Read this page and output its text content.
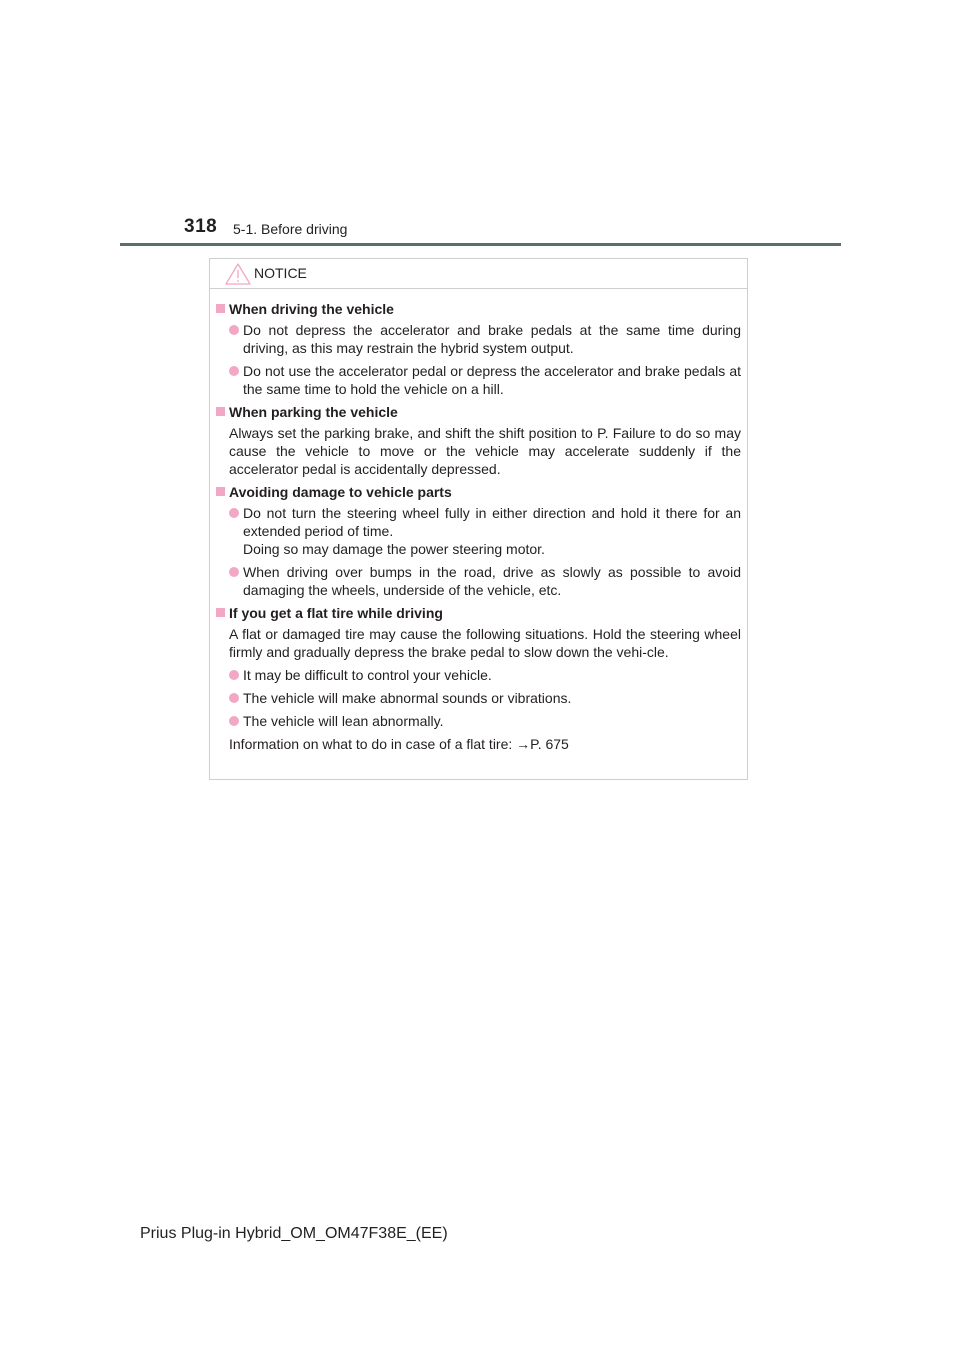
318 5-1. Before driving
NOTICE
When driving the vehicle
Do not depress the accelerator and brake pedals at the same time during driving, as this may restrain the hybrid system output.
Do not use the accelerator pedal or depress the accelerator and brake pedals at the same time to hold the vehicle on a hill.
When parking the vehicle
Always set the parking brake, and shift the shift position to P. Failure to do so may cause the vehicle to move or the vehicle may accelerate suddenly if the accelerator pedal is accidentally depressed.
Avoiding damage to vehicle parts
Do not turn the steering wheel fully in either direction and hold it there for an extended period of time.
Doing so may damage the power steering motor.
When driving over bumps in the road, drive as slowly as possible to avoid damaging the wheels, underside of the vehicle, etc.
If you get a flat tire while driving
A flat or damaged tire may cause the following situations. Hold the steering wheel firmly and gradually depress the brake pedal to slow down the vehi-cle.
It may be difficult to control your vehicle.
The vehicle will make abnormal sounds or vibrations.
The vehicle will lean abnormally.
Information on what to do in case of a flat tire: →P. 675
Prius Plug-in Hybrid_OM_OM47F38E_(EE)
